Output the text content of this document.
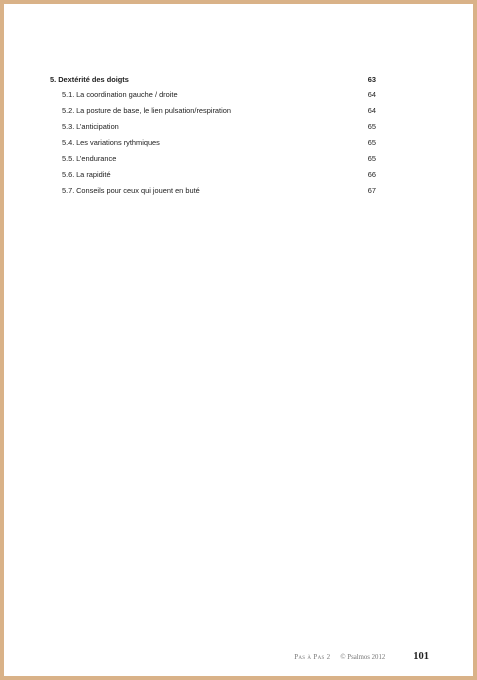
5. Dextérité des doigts	63
5.1. La coordination gauche / droite	64
5.2. La posture de base, le lien pulsation/respiration	64
5.3. L’anticipation	65
5.4. Les variations rythmiques	65
5.5. L’endurance	65
5.6. La rapidité	66
5.7. Conseils pour ceux qui jouent en buté	67
Pas à Pas 2 © Psalmos 2012	101
